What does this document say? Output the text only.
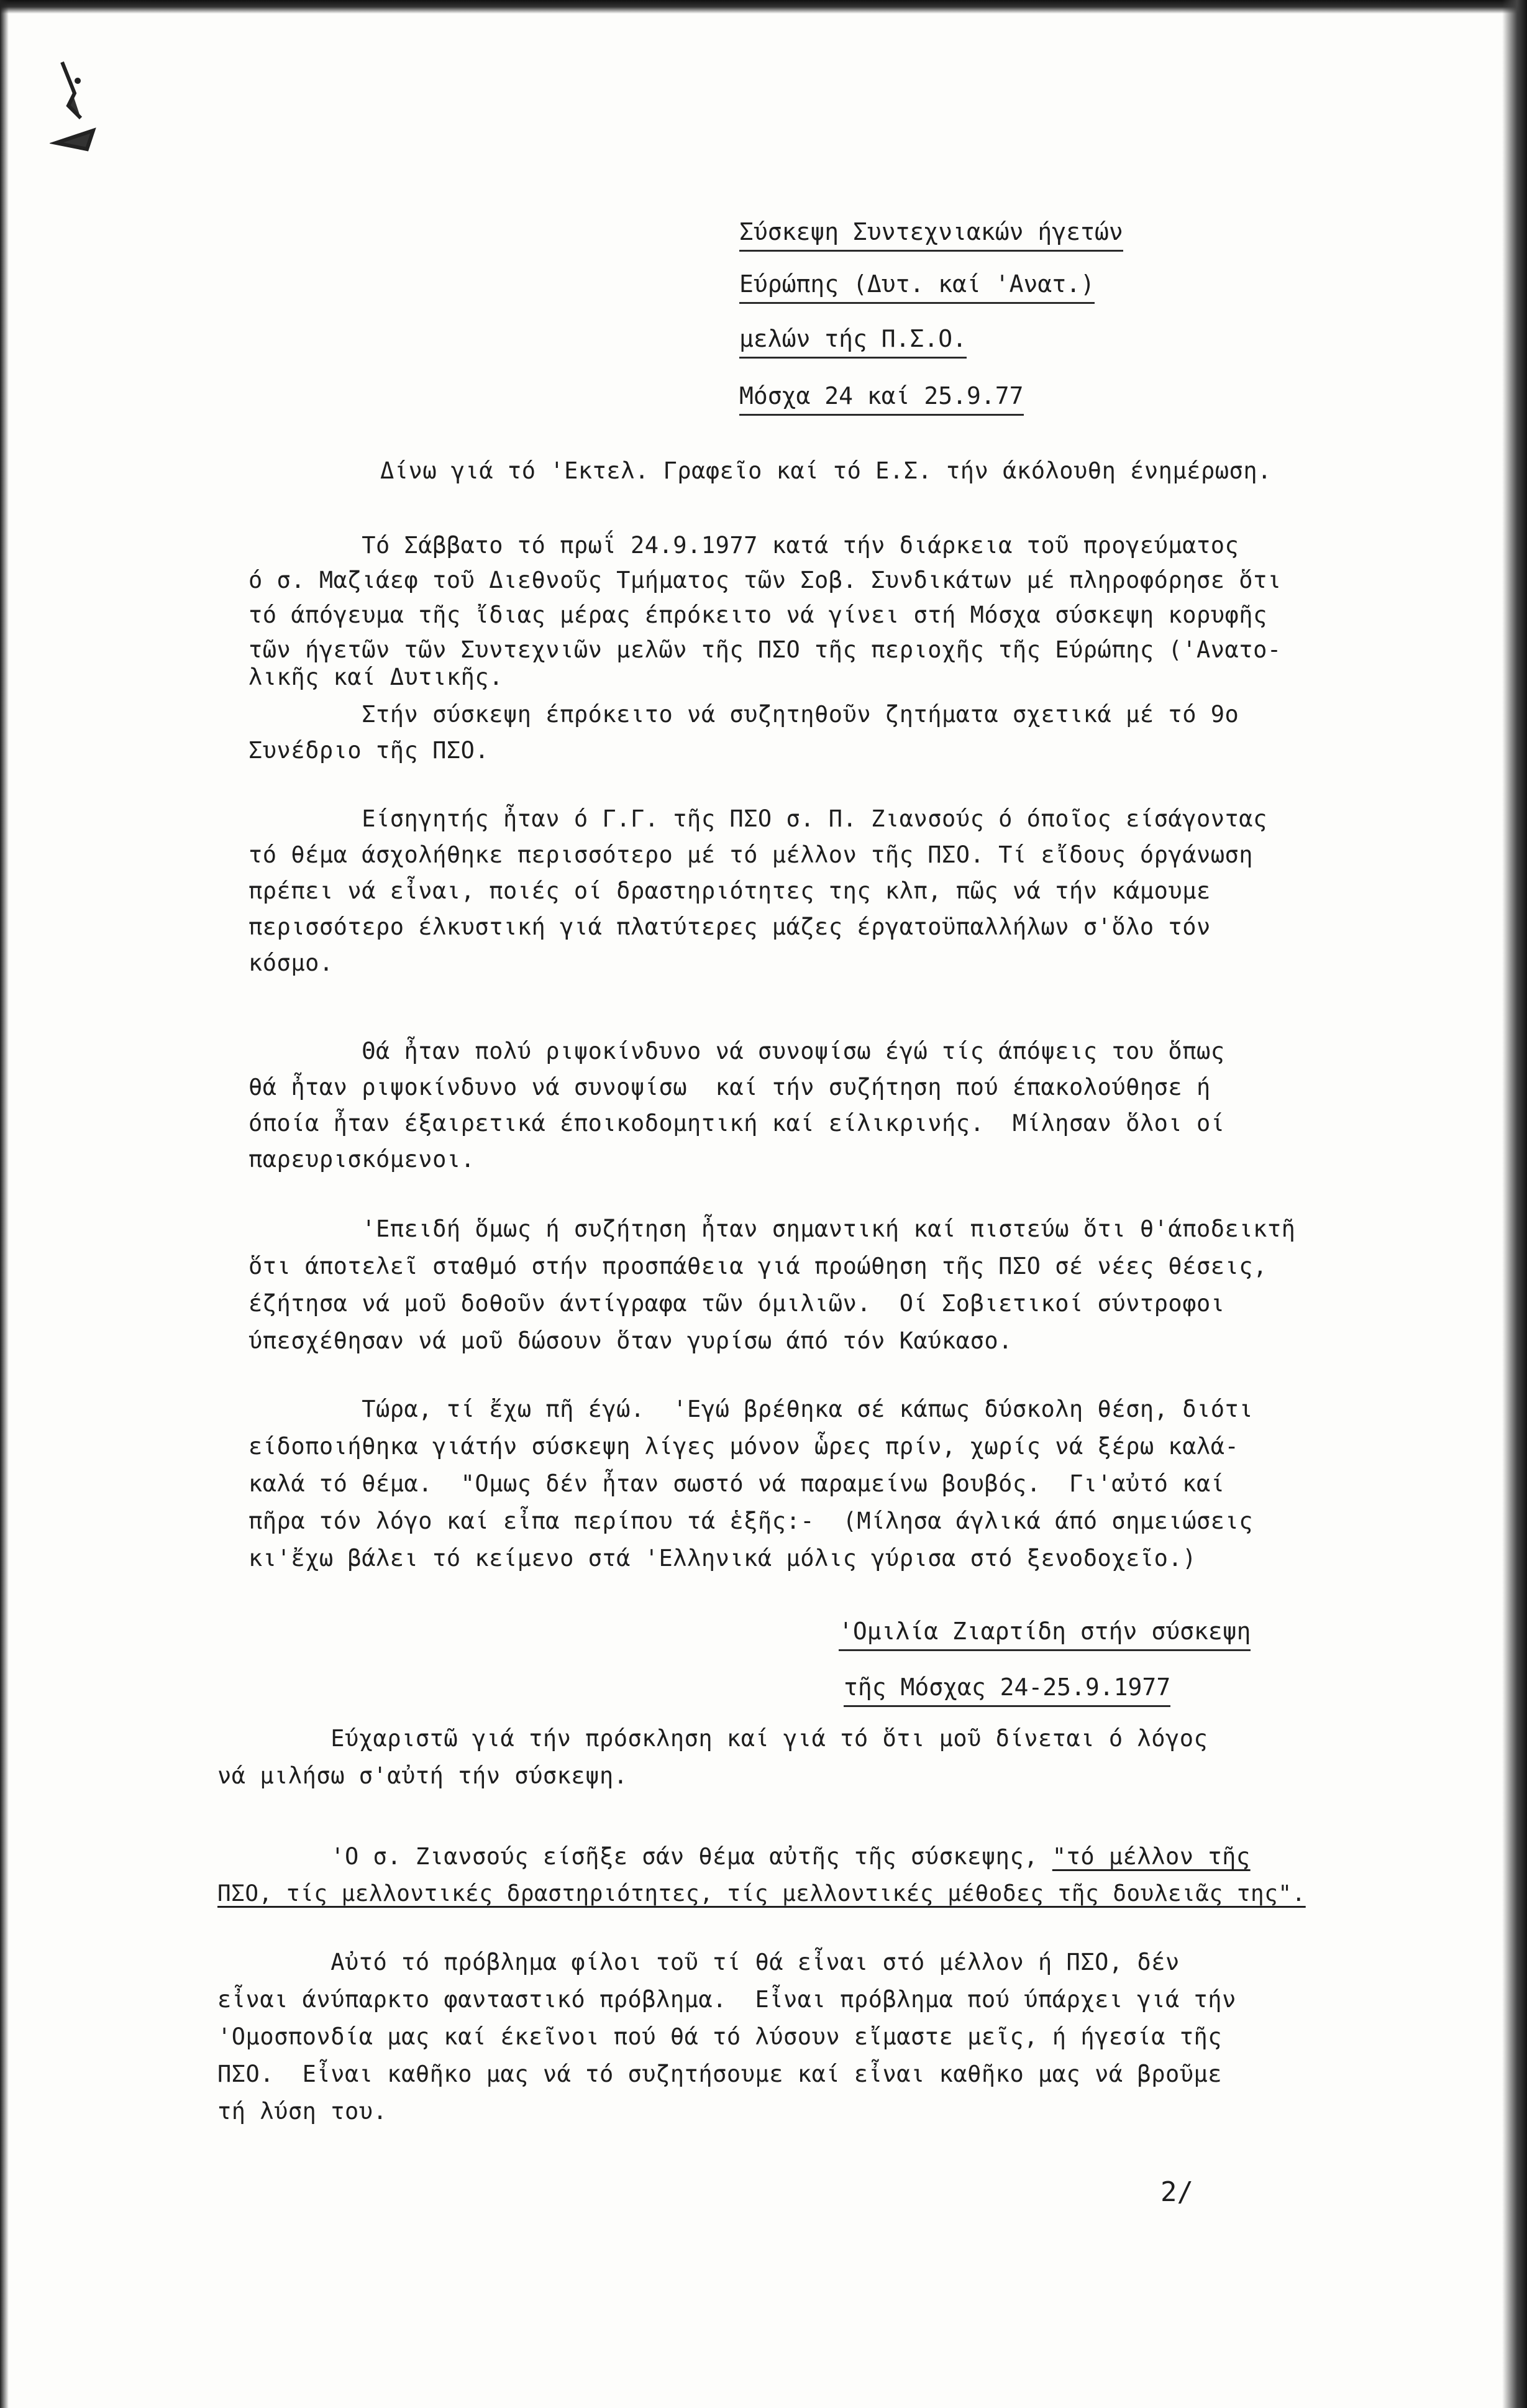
Σύσκεψη Συντεχνιακών ήγετών
Εύρώπης (Δυτ. καί 'Ανατ.)
μελών τής Π.Σ.Ο.
Μόσχα 24 καί 25.9.77
Δίνω γιά τό 'Εκτελ. Γραφεῖο καί τό Ε.Σ. τήν άκόλουθη ένημέρωση.
Τό Σάββατο τό πρωΐ 24.9.1977 κατά τήν διάρκεια τοῦ προγεύματος
ό σ. Μαζιάεφ τοῦ Διεθνοῦς Τμήματος τῶν Σοβ. Συνδικάτων μέ πληροφόρησε ὅτι
τό άπόγευμα τῆς ἴδιας μέρας έπρόκειτο νά γίνει στή Μόσχα σύσκεψη κορυφῆς
τῶν ήγετῶν τῶν Συντεχνιῶν μελῶν τῆς ΠΣΟ τῆς περιοχῆς τῆς Εύρώπης ('Ανατο-
λικῆς καί Δυτικῆς.
Στήν σύσκεψη έπρόκειτο νά συζητηθοῦν ζητήματα σχετικά μέ τό 9ο
Συνέδριο τῆς ΠΣΟ.
Είσηγητής ἦταν ό Γ.Γ. τῆς ΠΣΟ σ. Π. Ζιανσούς ό όποῖος είσάγοντας
τό θέμα άσχολήθηκε περισσότερο μέ τό μέλλον τῆς ΠΣΟ. Τί εἴδους όργάνωση
πρέπει νά εἶναι, ποιές οί δραστηριότητες της κλπ, πῶς νά τήν κάμουμε
περισσότερο έλκυστική γιά πλατύτερες μάζες έργατοϋπαλλήλων σ'ὅλο τόν
κόσμο.
Θά ἦταν πολύ ριψοκίνδυνο νά συνοψίσω έγώ τίς άπόψεις του ὅπως
θά ἦταν ριψοκίνδυνο νά συνοψίσω  καί τήν συζήτηση πού έπακολούθησε ή
όποία ἦταν έξαιρετικά έποικοδομητική καί είλικρινής.  Μίλησαν ὅλοι οί
παρευρισκόμενοι.
'Επειδή ὅμως ή συζήτηση ἦταν σημαντική καί πιστεύω ὅτι θ'άποδεικτῆ
ὅτι άποτελεῖ σταθμό στήν προσπάθεια γιά προώθηση τῆς ΠΣΟ σέ νέες θέσεις,
έζήτησα νά μοῦ δοθοῦν άντίγραφα τῶν όμιλιῶν.  Οί Σοβιετικοί σύντροφοι
ύπεσχέθησαν νά μοῦ δώσουν ὅταν γυρίσω άπό τόν Καύκασο.
Τώρα, τί ἔχω πῆ έγώ.  'Εγώ βρέθηκα σέ κάπως δύσκολη θέση, διότι
είδοποιήθηκα γιάτήν σύσκεψη λίγες μόνον ὧρες πρίν, χωρίς νά ξέρω καλά-
καλά τό θέμα.  "Ομως δέν ἦταν σωστό νά παραμείνω βουβός.  Γι'αὐτό καί
πῆρα τόν λόγο καί εἶπα περίπου τά ἑξῆς:-  (Μίλησα άγλικά άπό σημειώσεις
κι'ἔχω βάλει τό κείμενο στά 'Ελληνικά μόλις γύρισα στό ξενοδοχεῖο.)
'Ομιλία Ζιαρτίδη στήν σύσκεψη
τῆς Μόσχας 24-25.9.1977
Εύχαριστῶ γιά τήν πρόσκληση καί γιά τό ὅτι μοῦ δίνεται ό λόγος
νά μιλήσω σ'αὐτή τήν σύσκεψη.
'Ο σ. Ζιανσούς είσῆξε σάν θέμα αὐτῆς τῆς σύσκεψης, "τό μέλλον τῆς
ΠΣΟ, τίς μελλοντικές δραστηριότητες, τίς μελλοντικές μέθοδες τῆς δουλειᾶς της".
Αὐτό τό πρόβλημα φίλοι τοῦ τί θά εἶναι στό μέλλον ή ΠΣΟ, δέν
εἶναι άνύπαρκτο φανταστικό πρόβλημα.  Εἶναι πρόβλημα πού ύπάρχει γιά τήν
'Ομοσπονδία μας καί έκεῖνοι πού θά τό λύσουν εἴμαστε μεῖς, ή ήγεσία τῆς
ΠΣΟ.  Εἶναι καθῆκο μας νά τό συζητήσουμε καί εἶναι καθῆκο μας νά βροῦμε
τή λύση του.
2/
